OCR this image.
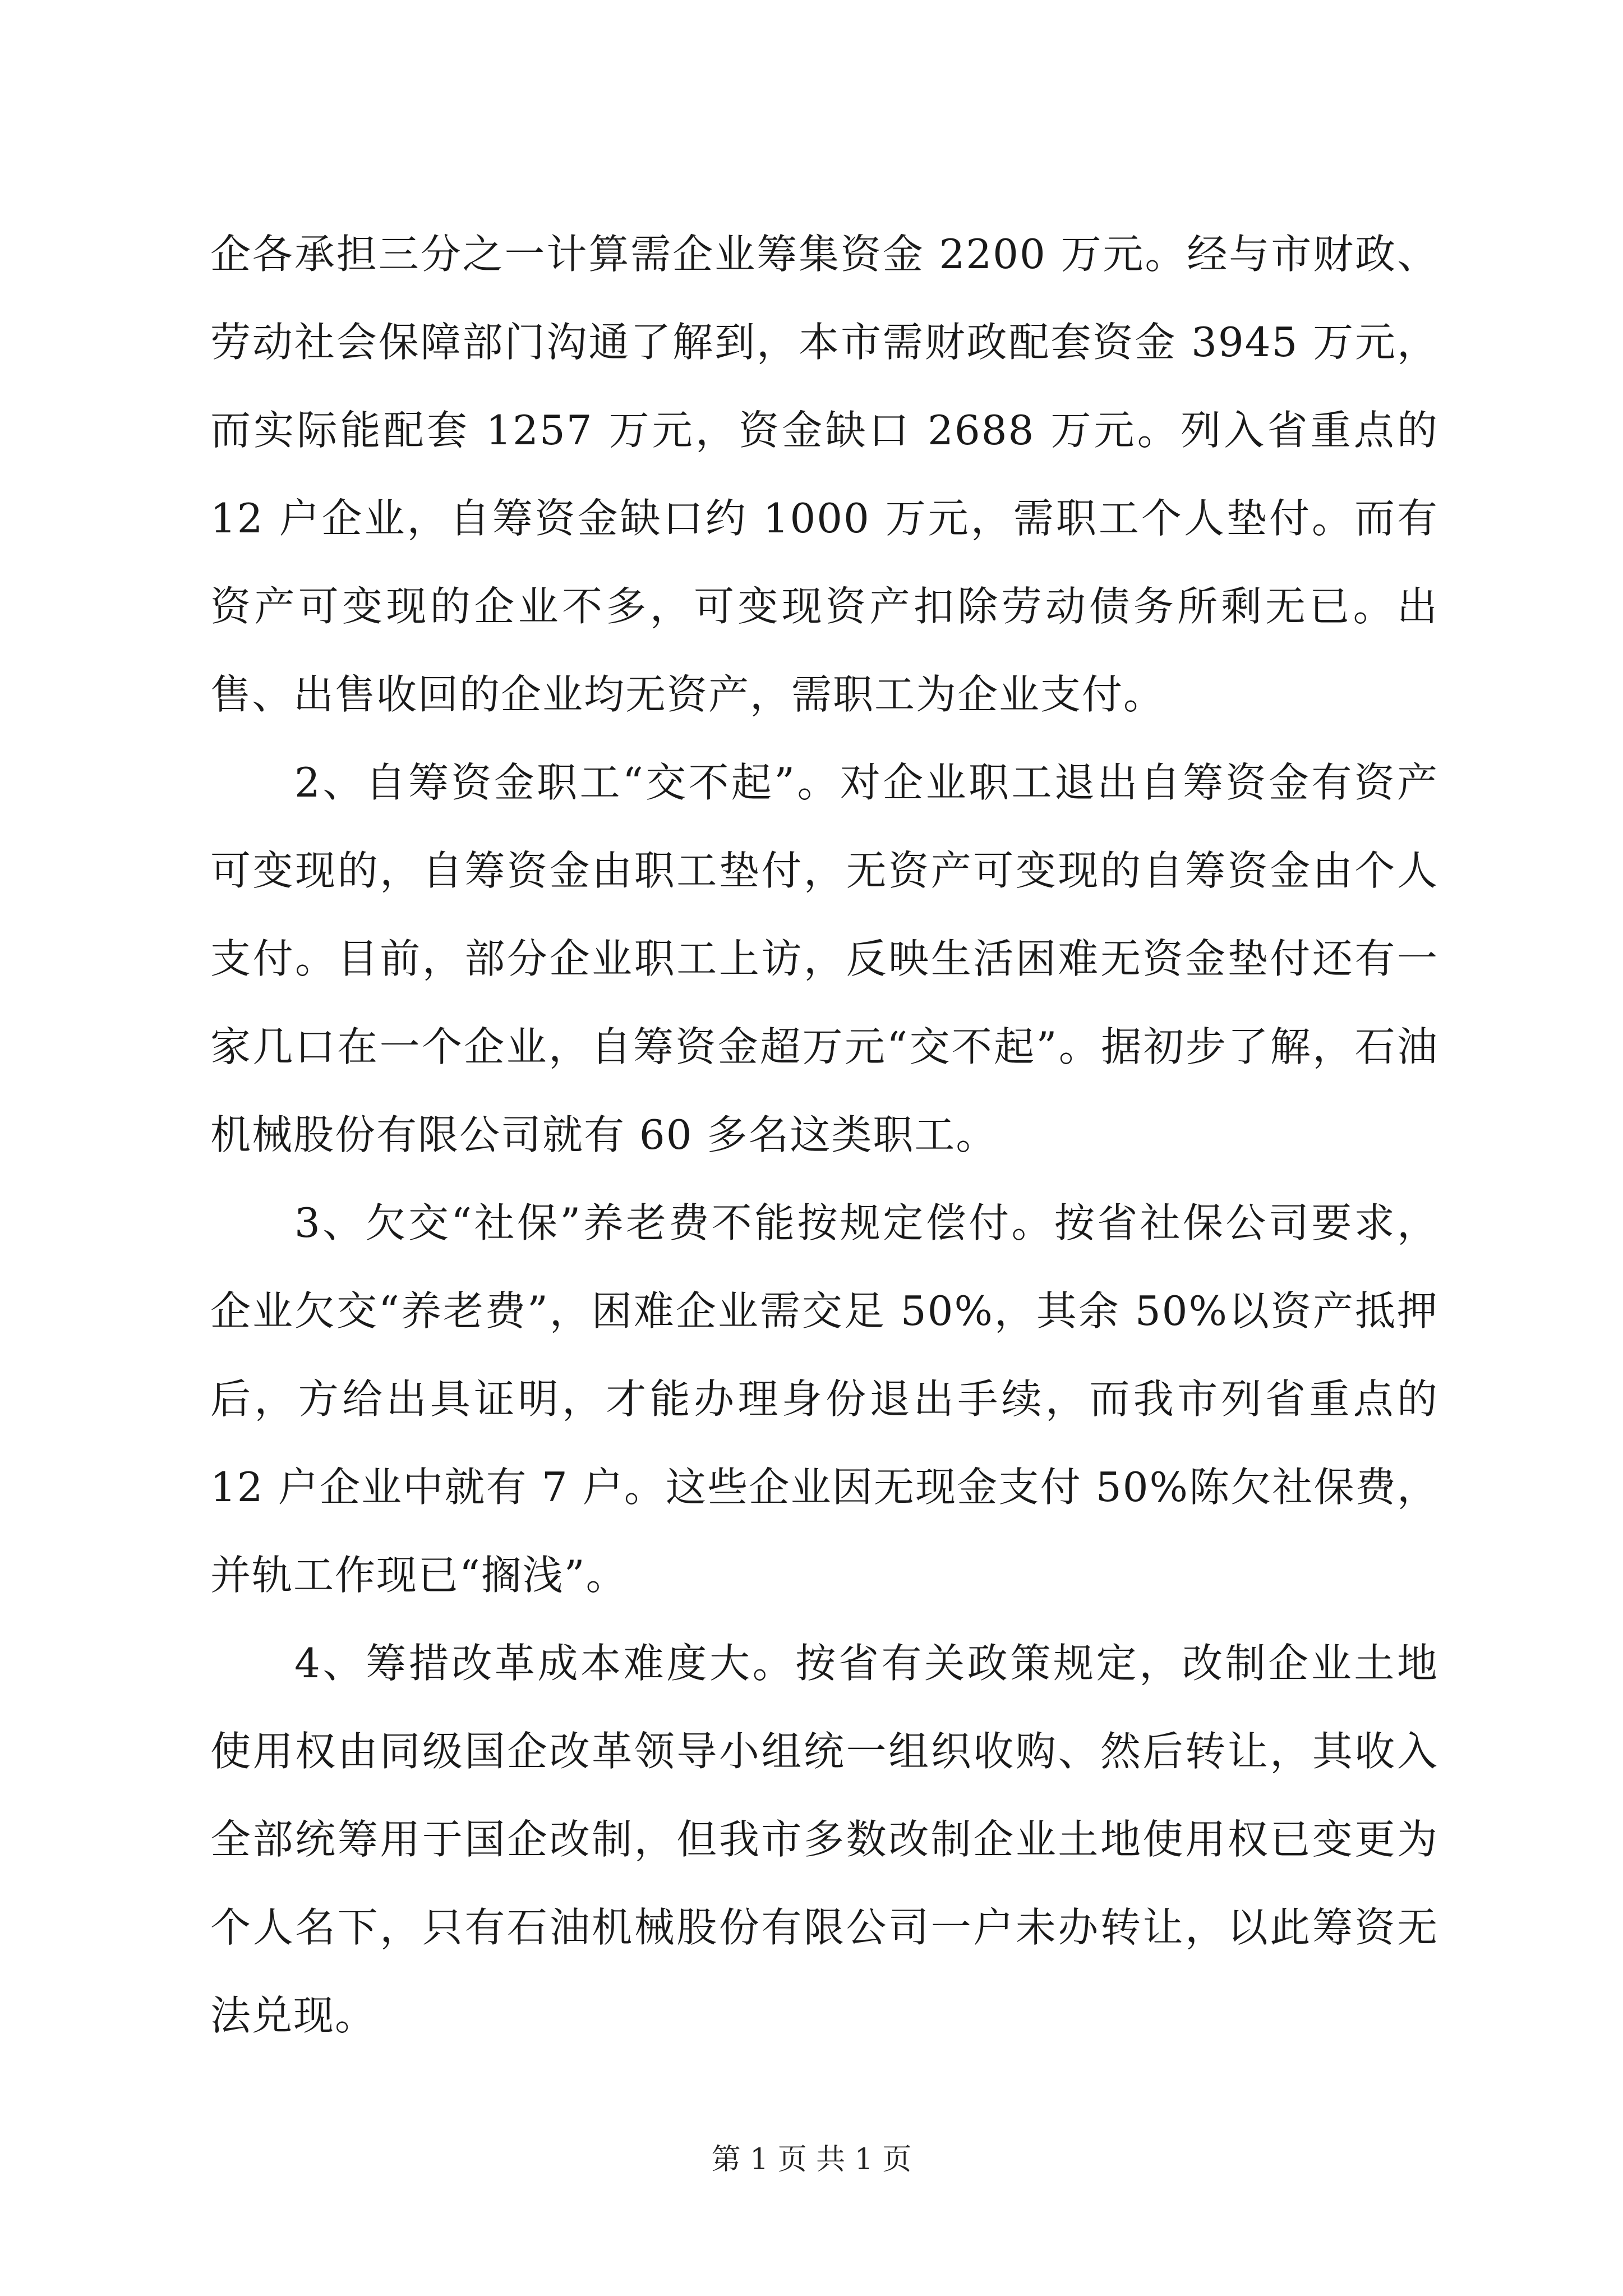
企各承担三分之一计算需企业筹集资金 2200 万元。经与市财政、劳动社会保障部门沟通了解到，本市需财政配套资金 3945 万元，而实际能配套 1257 万元，资金缺口 2688 万元。列入省重点的 12 户企业，自筹资金缺口约 1000 万元，需职工个人垫付。而有资产可变现的企业不多，可变现资产扣除劳动债务所剩无已。出售、出售收回的企业均无资产，需职工为企业支付。

2、自筹资金职工“交不起”。对企业职工退出自筹资金有资产可变现的，自筹资金由职工垫付，无资产可变现的自筹资金由个人支付。目前，部分企业职工上访，反映生活困难无资金垫付还有一家几口在一个企业，自筹资金超万元“交不起”。据初步了解，石油机械股份有限公司就有 60 多名这类职工。

3、欠交“社保”养老费不能按规定偿付。按省社保公司要求，企业欠交“养老费”，困难企业需交足 50%，其余 50%以资产抵押后，方给出具证明，才能办理身份退出手续，而我市列省重点的 12 户企业中就有 7 户。这些企业因无现金支付 50%陈欠社保费，并轨工作现已“搁浅”。

4、筹措改革成本难度大。按省有关政策规定，改制企业土地使用权由同级国企改革领导小组统一组织收购、然后转让，其收入全部统筹用于国企改制，但我市多数改制企业土地使用权已变更为个人名下，只有石油机械股份有限公司一户未办转让，以此筹资无法兑现。

第 1 页 共 1 页
